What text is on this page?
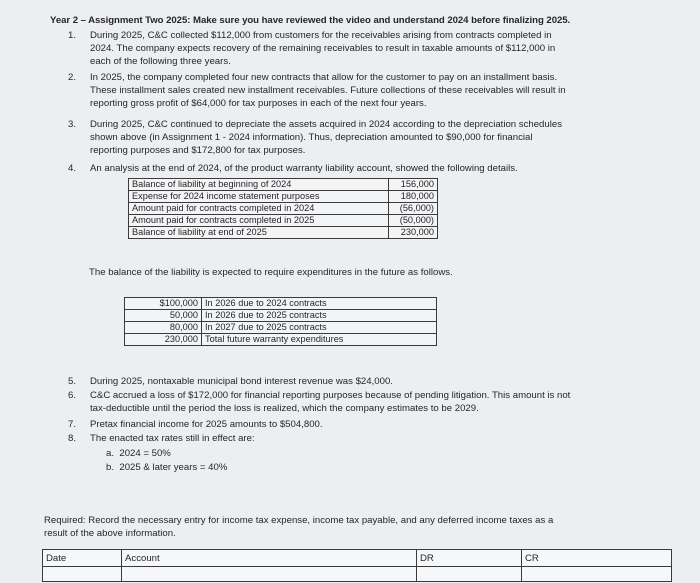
Year 2 – Assignment Two 2025: Make sure you have reviewed the video and understand 2024 before finalizing 2025.
1. During 2025, C&C collected $112,000 from customers for the receivables arising from contracts completed in
2024. The company expects recovery of the remaining receivables to result in taxable amounts of $112,000 in
each of the following three years.
2. In 2025, the company completed four new contracts that allow for the customer to pay on an installment basis.
These installment sales created new installment receivables. Future collections of these receivables will result in
reporting gross profit of $64,000 for tax purposes in each of the next four years.
3. During 2025, C&C continued to depreciate the assets acquired in 2024 according to the depreciation schedules
shown above (in Assignment 1 - 2024 information). Thus, depreciation amounted to $90,000 for financial
reporting purposes and $172,800 for tax purposes.
4. An analysis at the end of 2024, of the product warranty liability account, showed the following details.
Balance of liability at beginning of 2024	156,000
Expense for 2024 income statement purposes	180,000
Amount paid for contracts completed in 2024	(56,000)
Amount paid for contracts completed in 2025	(50,000)
Balance of liability at end of 2025	230,000
The balance of the liability is expected to require expenditures in the future as follows.
$100,000	In 2026 due to 2024 contracts
50,000	In 2026 due to 2025 contracts
80,000	In 2027 due to 2025 contracts
230,000	Total future warranty expenditures
5. During 2025, nontaxable municipal bond interest revenue was $24,000.
6. C&C accrued a loss of $172,000 for financial reporting purposes because of pending litigation. This amount is not
tax-deductible until the period the loss is realized, which the company estimates to be 2029.
7. Pretax financial income for 2025 amounts to $504,800.
8. The enacted tax rates still in effect are:
a. 2024 = 50%
b. 2025 & later years = 40%
Required: Record the necessary entry for income tax expense, income tax payable, and any deferred income taxes as a
result of the above information.
Date	Account	DR	CR
